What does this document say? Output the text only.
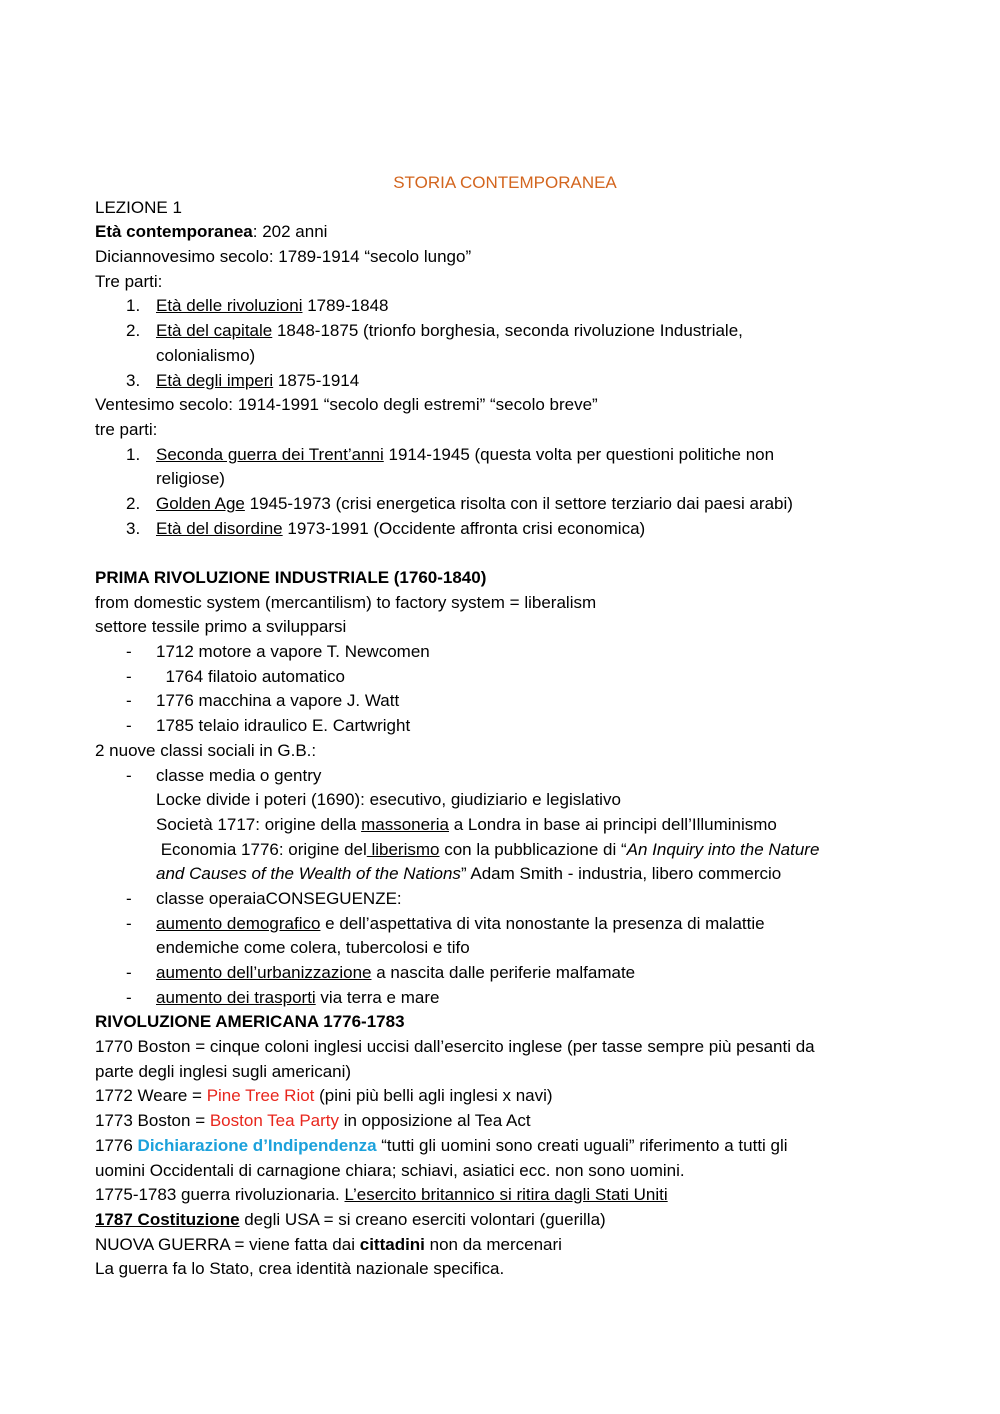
STORIA CONTEMPORANEA
LEZIONE 1
Età contemporanea: 202 anni
Diciannovesimo secolo: 1789-1914 “secolo lungo”
Tre parti:
1. Età delle rivoluzioni 1789-1848
2. Età del capitale 1848-1875 (trionfo borghesia, seconda rivoluzione Industriale,
colonialismo)
3. Età degli imperi 1875-1914
Ventesimo secolo: 1914-1991 “secolo degli estremi” “secolo breve”
tre parti:
1. Seconda guerra dei Trent’anni 1914-1945 (questa volta per questioni politiche non
religiose)
2. Golden Age 1945-1973 (crisi energetica risolta con il settore terziario dai paesi arabi)
3. Età del disordine 1973-1991 (Occidente affronta crisi economica)
PRIMA RIVOLUZIONE INDUSTRIALE (1760-1840)
from domestic system (mercantilism) to factory system = liberalism
settore tessile primo a svilupparsi
- 1712 motore a vapore T. Newcomen
- 1764 filatoio automatico
- 1776 macchina a vapore J. Watt
- 1785 telaio idraulico E. Cartwright
2 nuove classi sociali in G.B.:
- classe media o gentry
Locke divide i poteri (1690): esecutivo, giudiziario e legislativo
Società 1717: origine della massoneria a Londra in base ai principi dell’Illuminismo
Economia 1776: origine del liberismo con la pubblicazione di “An Inquiry into the Nature
and Causes of the Wealth of the Nations” Adam Smith - industria, libero commercio
- classe operaiaCONSEGUENZE:
- aumento demografico e dell’aspettativa di vita nonostante la presenza di malattie
endemiche come colera, tubercolosi e tifo
- aumento dell’urbanizzazione a nascita dalle periferie malfamate
- aumento dei trasporti via terra e mare
RIVOLUZIONE AMERICANA 1776-1783
1770 Boston = cinque coloni inglesi uccisi dall’esercito inglese (per tasse sempre più pesanti da
parte degli inglesi sugli americani)
1772 Weare = Pine Tree Riot (pini più belli agli inglesi x navi)
1773 Boston = Boston Tea Party in opposizione al Tea Act
1776 Dichiarazione d’Indipendenza “tutti gli uomini sono creati uguali” riferimento a tutti gli
uomini Occidentali di carnagione chiara; schiavi, asiatici ecc. non sono uomini.
1775-1783 guerra rivoluzionaria. L’esercito britannico si ritira dagli Stati Uniti
1787 Costituzione degli USA = si creano eserciti volontari (guerilla)
NUOVA GUERRA = viene fatta dai cittadini non da mercenari
La guerra fa lo Stato, crea identità nazionale specifica.
